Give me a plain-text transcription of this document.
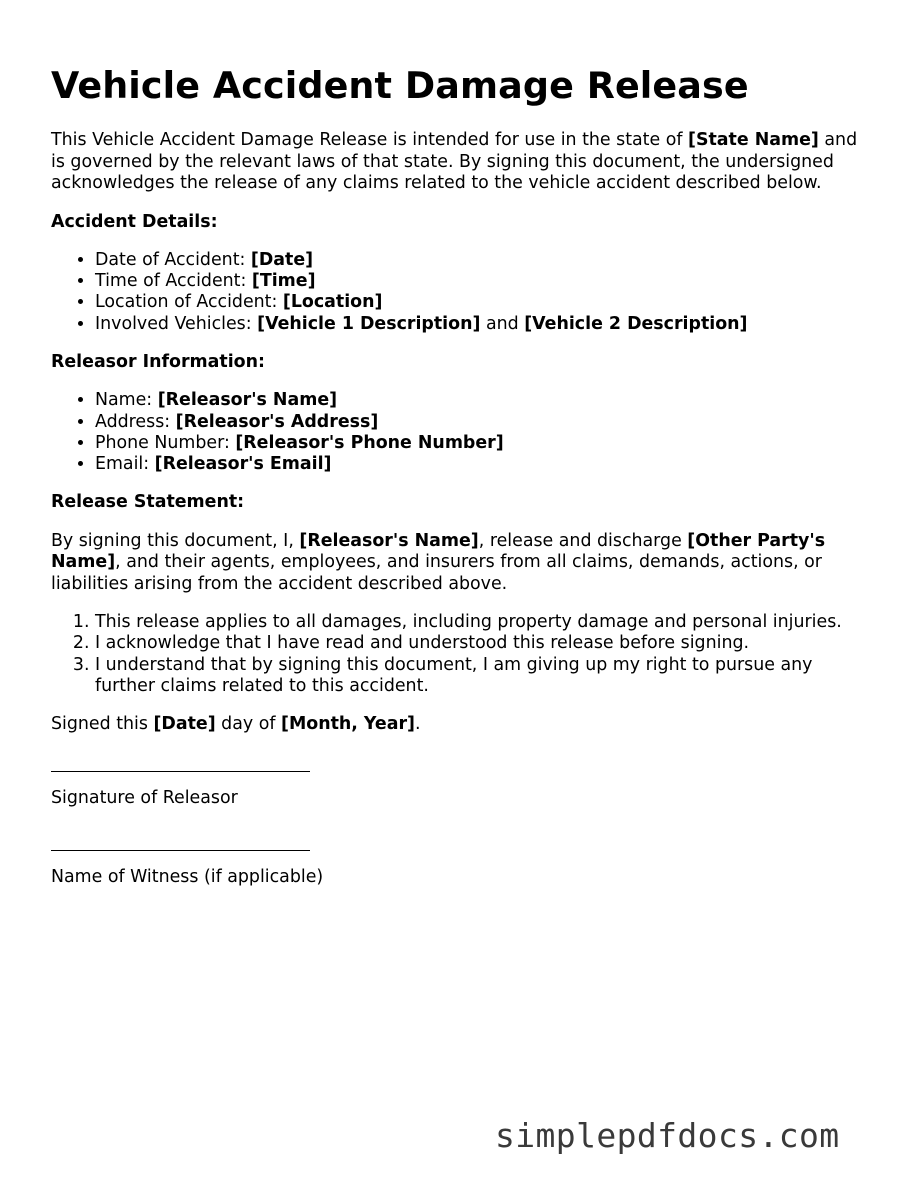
Vehicle Accident Damage Release

This Vehicle Accident Damage Release is intended for use in the state of [State Name] and is governed by the relevant laws of that state. By signing this document, the undersigned acknowledges the release of any claims related to the vehicle accident described below.

Accident Details:

• Date of Accident: [Date]
• Time of Accident: [Time]
• Location of Accident: [Location]
• Involved Vehicles: [Vehicle 1 Description] and [Vehicle 2 Description]

Releasor Information:

• Name: [Releasor's Name]
• Address: [Releasor's Address]
• Phone Number: [Releasor's Phone Number]
• Email: [Releasor's Email]

Release Statement:

By signing this document, I, [Releasor's Name], release and discharge [Other Party's Name], and their agents, employees, and insurers from all claims, demands, actions, or liabilities arising from the accident described above.

1. This release applies to all damages, including property damage and personal injuries.
2. I acknowledge that I have read and understood this release before signing.
3. I understand that by signing this document, I am giving up my right to pursue any further claims related to this accident.

Signed this [Date] day of [Month, Year].

Signature of Releasor

Name of Witness (if applicable)

simplepdfdocs.com
